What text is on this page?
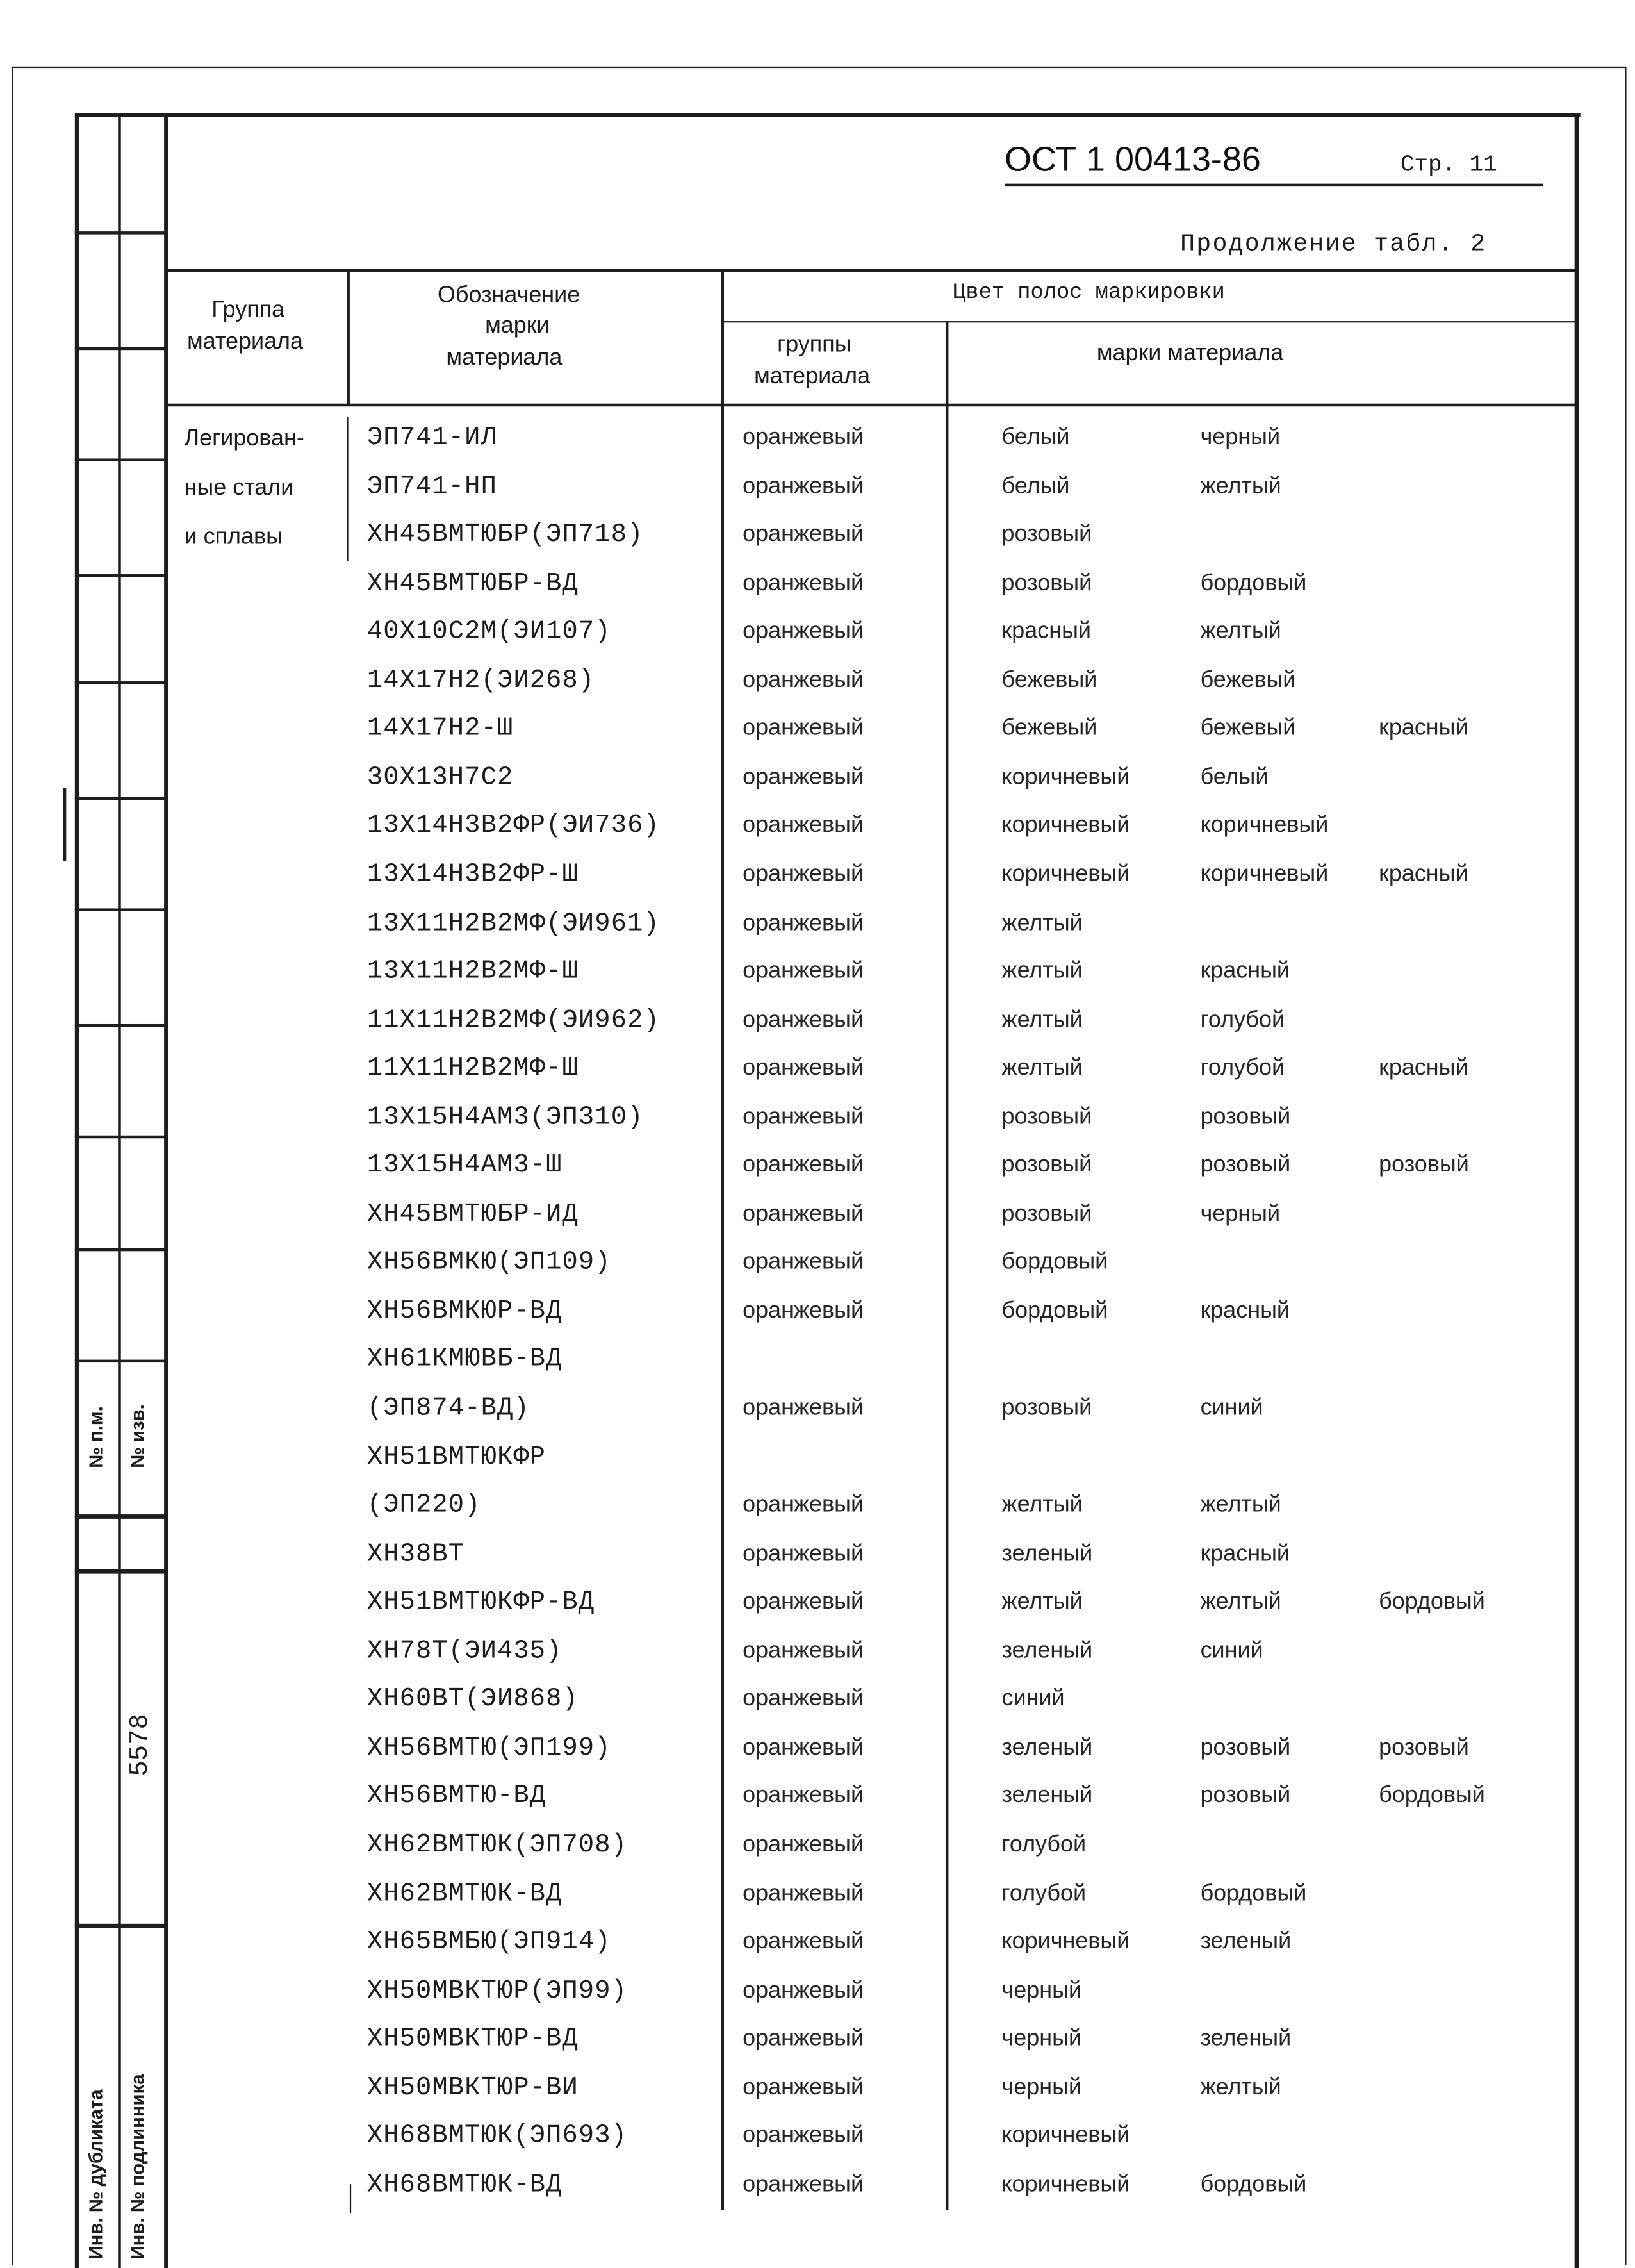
№ п.м. № изв.
5578
Инв. № дубликата Инв. № подлинника
ОСТ 1 00413-86	Стр. 11
Продолжение табл. 2
Группа
материала
Обозначение
марки
материала
Цвет полос маркировки
группы
материала
марки материала
Легирован-
ные стали
и сплавы
ЭП741-ИЛ	оранжевый	белый	черный
ЭП741-НП	оранжевый	белый	желтый
ХН45ВМТЮБР(ЭП718)	оранжевый	розовый
ХН45ВМТЮБР-ВД	оранжевый	розовый	бордовый
40Х10С2М(ЭИ107)	оранжевый	красный	желтый
14Х17Н2(ЭИ268)	оранжевый	бежевый	бежевый
14Х17Н2-Ш	оранжевый	бежевый	бежевый	красный
30Х13Н7С2	оранжевый	коричневый	белый
13Х14Н3В2ФР(ЭИ736)	оранжевый	коричневый	коричневый
13Х14Н3В2ФР-Ш	оранжевый	коричневый	коричневый	красный
13Х11Н2В2МФ(ЭИ961)	оранжевый	желтый
13Х11Н2В2МФ-Ш	оранжевый	желтый	красный
11Х11Н2В2МФ(ЭИ962)	оранжевый	желтый	голубой
11Х11Н2В2МФ-Ш	оранжевый	желтый	голубой	красный
13Х15Н4АМ3(ЭП310)	оранжевый	розовый	розовый
13Х15Н4АМ3-Ш	оранжевый	розовый	розовый	розовый
ХН45ВМТЮБР-ИД	оранжевый	розовый	черный
ХН56ВМКЮ(ЭП109)	оранжевый	бордовый
ХН56ВМКЮР-ВД	оранжевый	бордовый	красный
ХН61КМЮВБ-ВД
(ЭП874-ВД)	оранжевый	розовый	синий
ХН51ВМТЮКФР
(ЭП220)	оранжевый	желтый	желтый
ХН38ВТ	оранжевый	зеленый	красный
ХН51ВМТЮКФР-ВД	оранжевый	желтый	желтый	бордовый
ХН78Т(ЭИ435)	оранжевый	зеленый	синий
ХН60ВТ(ЭИ868)	оранжевый	синий
ХН56ВМТЮ(ЭП199)	оранжевый	зеленый	розовый	розовый
ХН56ВМТЮ-ВД	оранжевый	зеленый	розовый	бордовый
ХН62ВМТЮК(ЭП708)	оранжевый	голубой
ХН62ВМТЮК-ВД	оранжевый	голубой	бордовый
ХН65ВМБЮ(ЭП914)	оранжевый	коричневый	зеленый
ХН50МВКТЮР(ЭП99)	оранжевый	черный
ХН50МВКТЮР-ВД	оранжевый	черный	зеленый
ХН50МВКТЮР-ВИ	оранжевый	черный	желтый
ХН68ВМТЮК(ЭП693)	оранжевый	коричневый
ХН68ВМТЮК-ВД	оранжевый	коричневый	бордовый
